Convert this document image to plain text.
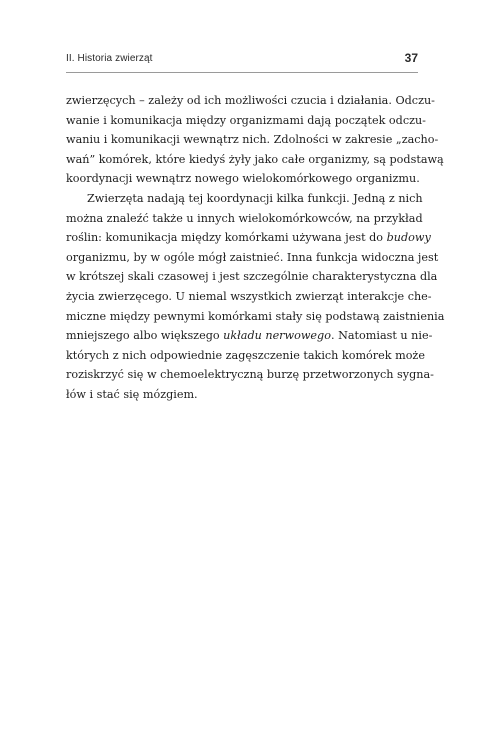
II. Historia zwierząt	37
zwierzęcych – zależy od ich możliwości czucia i działania. Odczu-
wanie i komunikacja między organizmami dają początek odczu-
waniu i komunikacji wewnątrz nich. Zdolności w zakresie „zacho-
wań” komórek, które kiedyś żyły jako całe organizmy, są podstawą
koordynacji wewnątrz nowego wielokomórkowego organizmu.
Zwierzęta nadają tej koordynacji kilka funkcji. Jedną z nich
można znaleźć także u innych wielokomórkowców, na przykład
roślin: komunikacja między komórkami używana jest do budowy
organizmu, by w ogóle mógł zaistnieć. Inna funkcja widoczna jest
w krótszej skali czasowej i jest szczególnie charakterystyczna dla
życia zwierzęcego. U niemal wszystkich zwierząt interakcje che-
miczne między pewnymi komórkami stały się podstawą zaistnienia
mniejszego albo większego układu nerwowego. Natomiast u nie-
których z nich odpowiednie zagęszczenie takich komórek może
roziskrzyć się w chemoelektryczną burzę przetworzonych sygna-
łów i stać się mózgiem.
